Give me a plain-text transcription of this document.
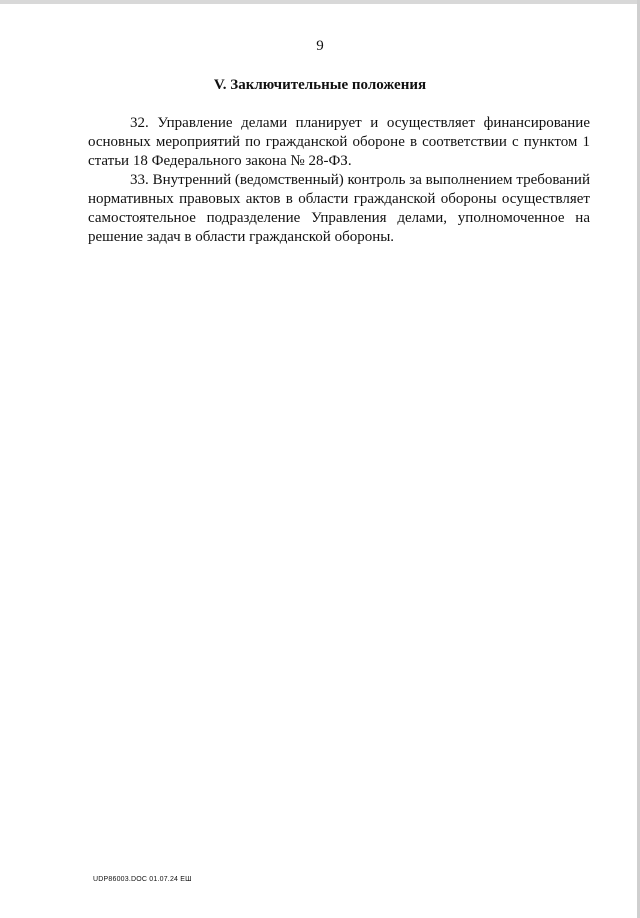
9
V. Заключительные положения

32. Управление делами планирует и осуществляет финансирование основных мероприятий по гражданской обороне в соответствии с пунктом 1 статьи 18 Федерального закона № 28-ФЗ.

33. Внутренний (ведомственный) контроль за выполнением требований нормативных правовых актов в области гражданской обороны осуществляет самостоятельное подразделение Управления делами, уполномоченное на решение задач в области гражданской обороны.

UDP86003.DOC 01.07.24 ЕШ
